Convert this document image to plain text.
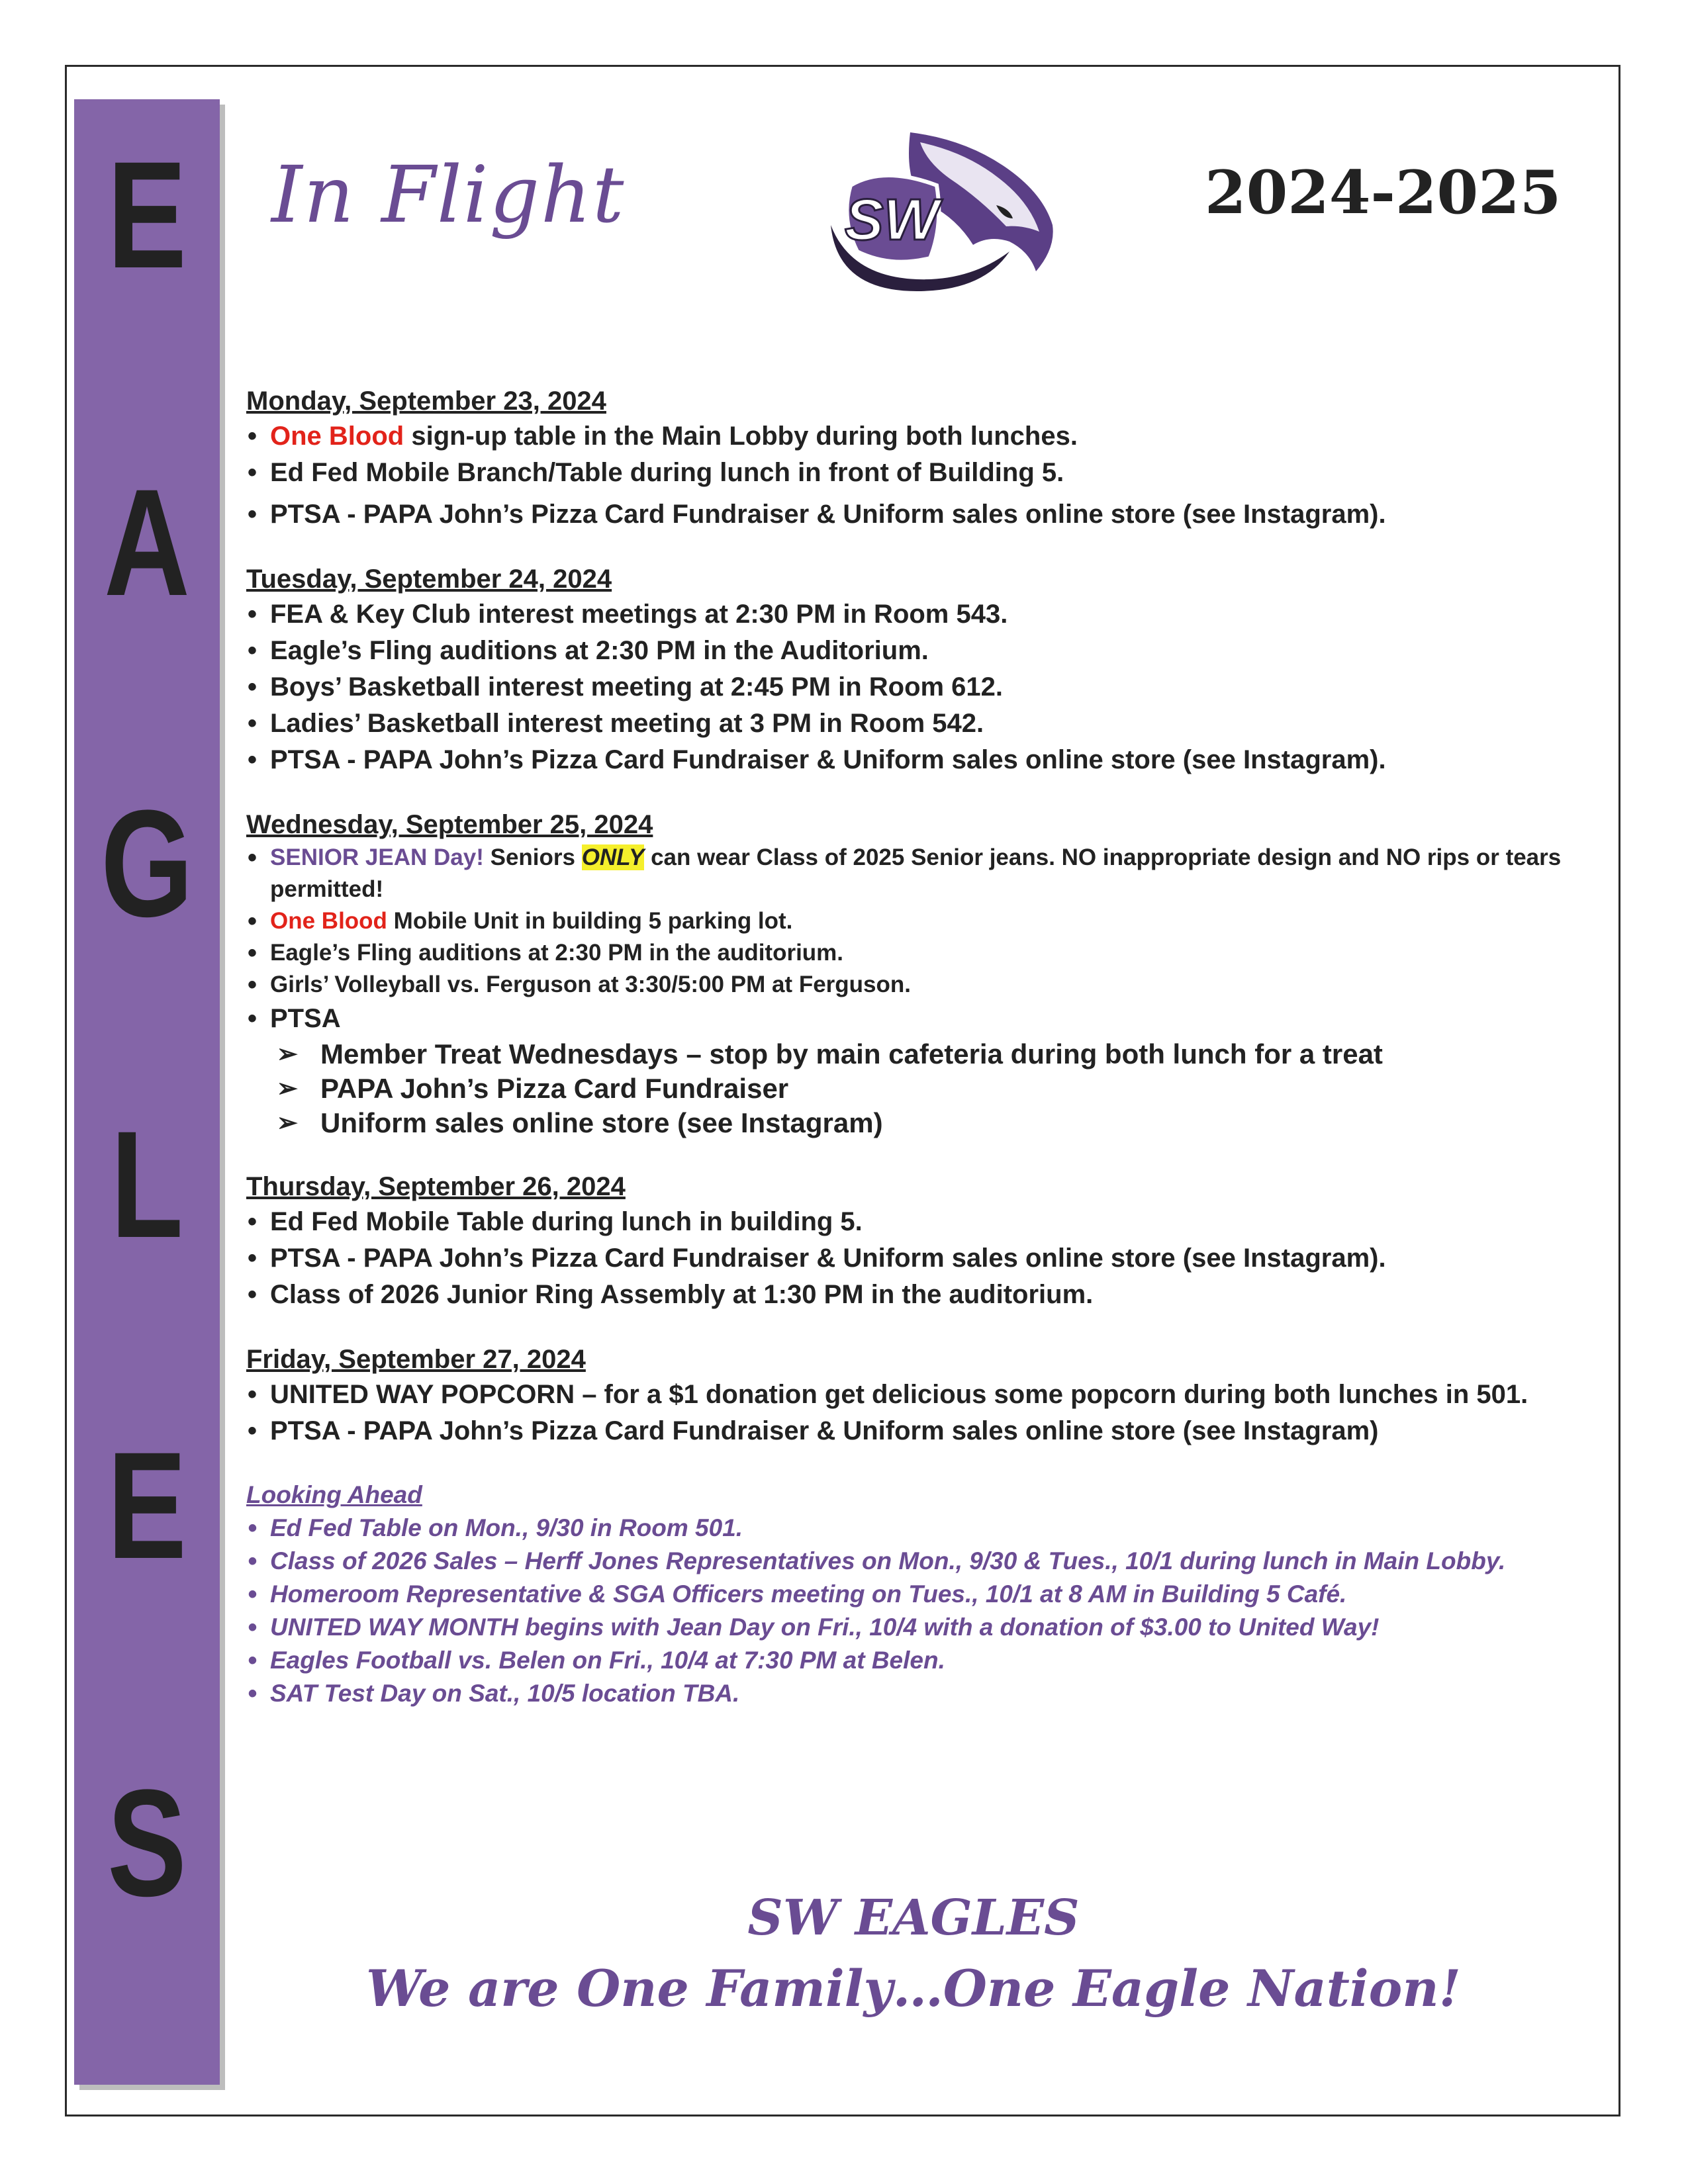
E
A
G
L
E
S
In Flight	SW	2024-2025
Monday, September 23, 2024
• One Blood sign-up table in the Main Lobby during both lunches.
• Ed Fed Mobile Branch/Table during lunch in front of Building 5.
• PTSA - PAPA John’s Pizza Card Fundraiser & Uniform sales online store (see Instagram).
Tuesday, September 24, 2024
• FEA & Key Club interest meetings at 2:30 PM in Room 543.
• Eagle’s Fling auditions at 2:30 PM in the Auditorium.
• Boys’ Basketball interest meeting at 2:45 PM in Room 612.
• Ladies’ Basketball interest meeting at 3 PM in Room 542.
• PTSA - PAPA John’s Pizza Card Fundraiser & Uniform sales online store (see Instagram).
Wednesday, September 25, 2024
• SENIOR JEAN Day! Seniors ONLY can wear Class of 2025 Senior jeans. NO inappropriate design and NO rips or tears permitted!
• One Blood Mobile Unit in building 5 parking lot.
• Eagle’s Fling auditions at 2:30 PM in the auditorium.
• Girls’ Volleyball vs. Ferguson at 3:30/5:00 PM at Ferguson.
• PTSA
➢ Member Treat Wednesdays – stop by main cafeteria during both lunch for a treat
➢ PAPA John’s Pizza Card Fundraiser
➢ Uniform sales online store (see Instagram)
Thursday, September 26, 2024
• Ed Fed Mobile Table during lunch in building 5.
• PTSA - PAPA John’s Pizza Card Fundraiser & Uniform sales online store (see Instagram).
• Class of 2026 Junior Ring Assembly at 1:30 PM in the auditorium.
Friday, September 27, 2024
• UNITED WAY POPCORN – for a $1 donation get delicious some popcorn during both lunches in 501.
• PTSA - PAPA John’s Pizza Card Fundraiser & Uniform sales online store (see Instagram)
Looking Ahead
• Ed Fed Table on Mon., 9/30 in Room 501.
• Class of 2026 Sales – Herff Jones Representatives on Mon., 9/30 & Tues., 10/1 during lunch in Main Lobby.
• Homeroom Representative & SGA Officers meeting on Tues., 10/1 at 8 AM in Building 5 Café.
• UNITED WAY MONTH begins with Jean Day on Fri., 10/4 with a donation of $3.00 to United Way!
• Eagles Football vs. Belen on Fri., 10/4 at 7:30 PM at Belen.
• SAT Test Day on Sat., 10/5 location TBA.
SW EAGLES
We are One Family…One Eagle Nation!
